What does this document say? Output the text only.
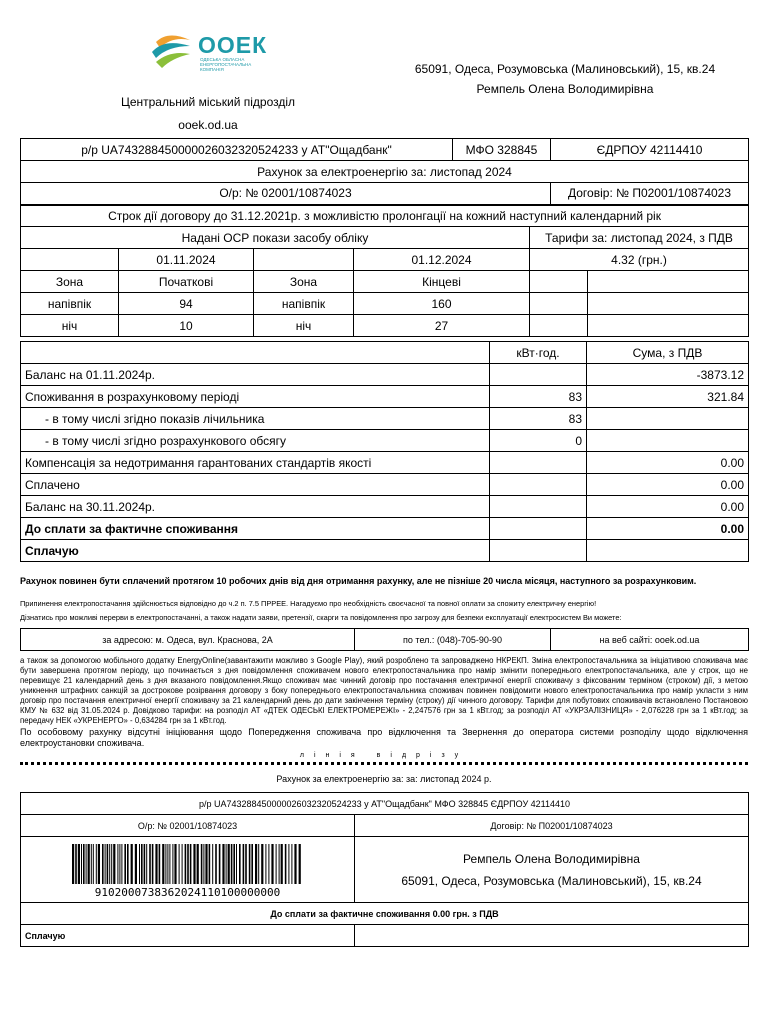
ООЕК
ОДЕСЬКА ОБЛАСНА ЕНЕРГОПОСТАЧАЛЬНА КОМПАНІЯ
Центральний міський підрозділ
ooek.od.ua
65091, Одеса, Розумовська (Малиновський), 15, кв.24
Ремпель Олена Володимирівна
р/р UA743288450000026032320524233 у АТ"Ощадбанк"				МФО 328845		ЄДРПОУ 42114410	
Рахунок за електроенергію за: листопад 2024							
О/р: № 02001/10874023						Договір: № П02001/10874023	
Строк дії договору до 31.12.2021р. з можливістю пролонгації на кожний наступний календарний рік							
Надані ОСР покази засобу обліку					Тарифи за: листопад 2024, з ПДВ		
	01.11.2024		01.12.2024		4.32 (грн.)		
Зона	Початкові	Зона	Кінцеві				
напівпік	94	напівпік	160				
ніч	10	ніч	27				
	кВт·год.	Сума, з ПДВ
Баланс на 01.11.2024р.		-3873.12
Споживання в розрахунковому періоді	83	321.84
- в тому числі згідно показів лічильника	83	
- в тому числі згідно розрахункового обсягу	0	
Компенсація за недотримання гарантованих стандартів якості		0.00
Сплачено		0.00
Баланс на 30.11.2024р.		0.00
До сплати за фактичне споживання		0.00
Сплачую		
Рахунок повинен бути сплачений протягом 10 робочих днів від дня отримання рахунку, але не пізніше 20 числа місяця, наступного за розрахунковим.
Припинення електропостачання здійснюється відповідно до ч.2 п. 7.5 ПРРЕЕ. Нагадуємо про необхідність своєчасної та повної оплати за спожиту електричну енергію!
Дізнатись про можливі перерви в електропостачанні, а також надати заяви, претензії, скарги та повідомлення про загрозу для безпеки експлуатації електросистем Ви можете:
за адресою: м. Одеса, вул. Краснова, 2А	по тел.: (048)-705-90-90	на веб сайті: ooek.od.ua
а також за допомогою мобільного додатку EnergyOnline(завантажити можливо з Google Play), який розроблено та запроваджено НКРЕКП. Зміна електропостачальника за ініціативою споживача має бути завершена протягом періоду, що починається з дня повідомлення споживачем нового електропостачальника про намір змінити попереднього електропостачальника, але у строк, що не перевищує 21 календарний день з дня вказаного повідомлення.Якщо споживач має чинний договір про постачання електричної енергії споживачу з фіксованим терміном (строком) дії, з метою уникнення штрафних санкцій за дострокове розірвання договору з боку попереднього електропостачальника споживач повинен повідомити нового електропостачальника про намір укласти з ним договір про постачання електричної енергії споживачу за 21 календарний день до дати закінчення терміну (строку) дії чинного договору. Тарифи для побутових споживачів встановлено Постановою КМУ № 632 від 31.05.2024 р. Довідково тарифи: на розподіл АТ «ДТЕК ОДЕСЬКІ ЕЛЕКТРОМЕРЕЖІ» - 2,247576 грн за 1 кВт.год; за розподіл АТ «УКРЗАЛІЗНИЦЯ» - 2,076228 грн за 1 кВт.год; за передачу НЕК «УКРЕНЕРГО» - 0,634284 грн за 1 кВт.год.
По особовому рахунку відсутні ініціювання щодо Попередження споживача про відключення та Звернення до оператора системи розподілу щодо відключення електроустановки споживача.
лінія відрізу
Рахунок за електроенергію за: за: листопад 2024 р.
р/р UA743288450000026032320524233 у АТ"Ощадбанк" МФО 328845 ЄДРПОУ 42114410	
О/р: № 02001/10874023	Договір: № П02001/10874023

9102000738362024110100000000	Ремпель Олена Володимирівна
65091, Одеса, Розумовська (Малиновський), 15, кв.24

До сплати за фактичне споживання 0.00 грн. з ПДВ	
Сплачую	
